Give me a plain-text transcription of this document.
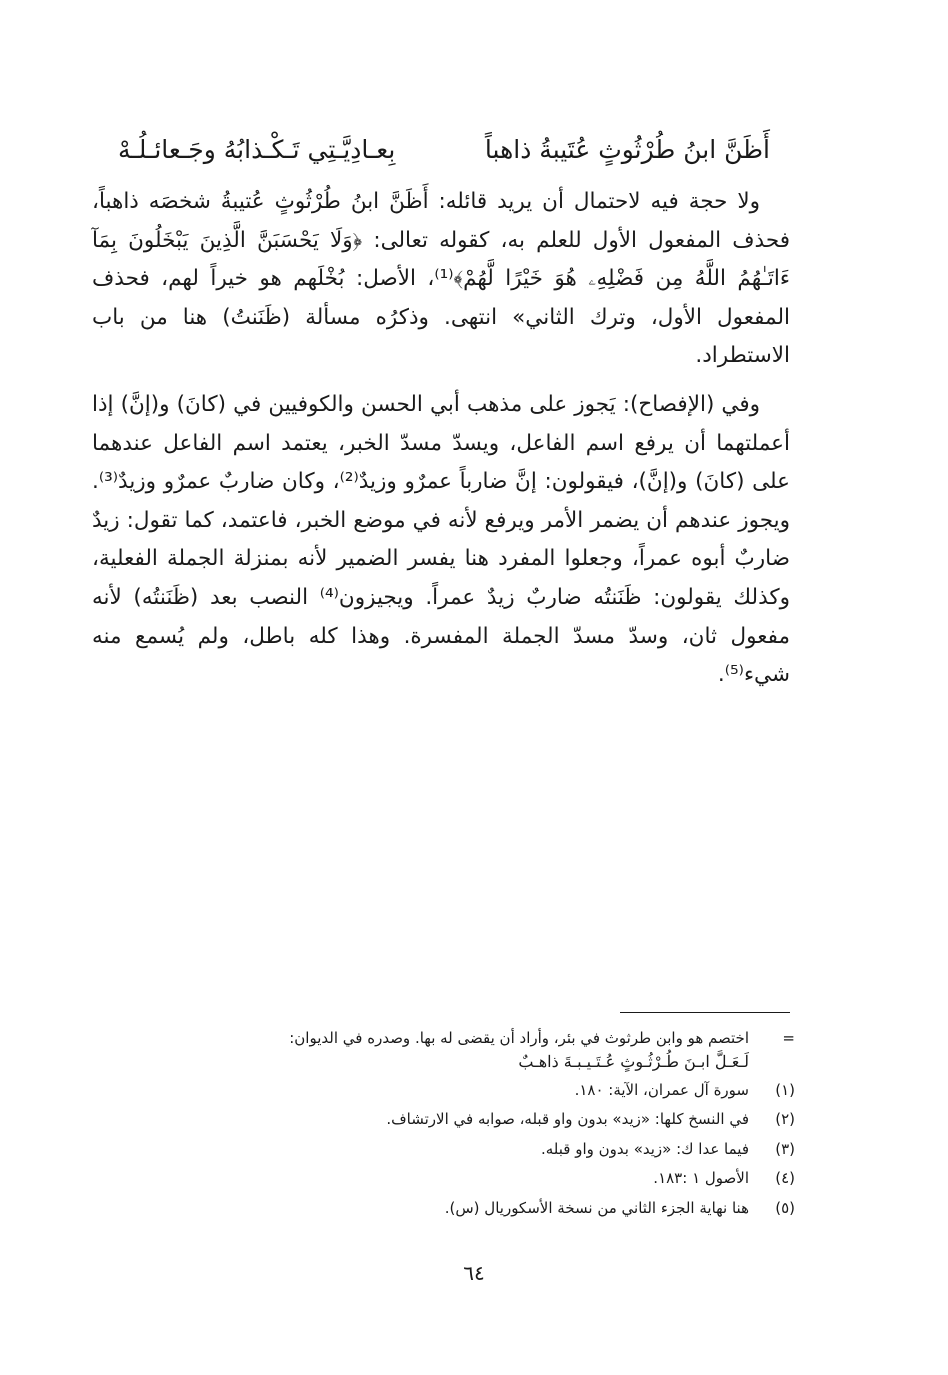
أَظَنَّ ابنُ طُرْثُوثٍ عُتَيبةُ ذاهباً
بِعـادِيَّـتِي تَـكْـذابُهُ وجَـعائـلُـهْ

ولا حجة فيه لاحتمال أن يريد قائله: أَظَنَّ ابنُ طُرْثُوثٍ عُتيبةُ شخصَه ذاهباً، فحذف المفعول الأول للعلم به، كقوله تعالى: ﴿وَلَا يَحْسَبَنَّ الَّذِينَ يَبْخَلُونَ بِمَآ ءَاتَـٰهُمُ اللَّهُ مِن فَضْلِهِۦ هُوَ خَيْرًا لَّهُمْ﴾⁽¹⁾، الأصل: بُخْلَهم هو خيراً لهم، فحذف المفعول الأول، وترك الثاني» انتهى. وذكرُه مسألة (ظَنَنتُ) هنا من باب الاستطراد.

وفي (الإفصاح): يَجوز على مذهب أبي الحسن والكوفيين في (كانَ) و(إنَّ) إذا أعملتهما أن يرفع اسم الفاعل، ويسدّ مسدّ الخبر، يعتمد اسم الفاعل عندهما على (كانَ) و(إنَّ)، فيقولون: إنَّ ضارباً عمرٌو وزيدٌ⁽²⁾، وكان ضاربٌ عمرٌو وزيدٌ⁽³⁾. ويجوز عندهم أن يضمر الأمر ويرفع لأنه في موضع الخبر، فاعتمد، كما تقول: زيدٌ ضاربٌ أبوه عمراً، وجعلوا المفرد هنا يفسر الضمير لأنه بمنزلة الجملة الفعلية، وكذلك يقولون: ظَنَنتُه ضاربٌ زيدٌ عمراً. ويجيزون⁽⁴⁾ النصب بعد (ظَنَنتُه) لأنه مفعول ثان، وسدّ مسدّ الجملة المفسرة. وهذا كله باطل، ولم يُسمع منه شيء⁽⁵⁾.

=
اختصم هو وابن طرثوث في بئر، وأراد أن يقضى له بها. وصدره في الديوان:
لَـعَـلَّ ابـنَ طُـرْثُـوثٍ عُـتَـيـبـةَ ذاهـبٌ
(١)
سورة آل عمران، الآية: ١٨٠.
(٢)
في النسخ كلها: «زيد» بدون واو قبله، صوابه في الارتشاف.
(٣)
فيما عدا ك: «زيد» بدون واو قبله.
(٤)
الأصول ١ :١٨٣.
(٥)
هنا نهاية الجزء الثاني من نسخة الأسكوريال (س).
٦٤
